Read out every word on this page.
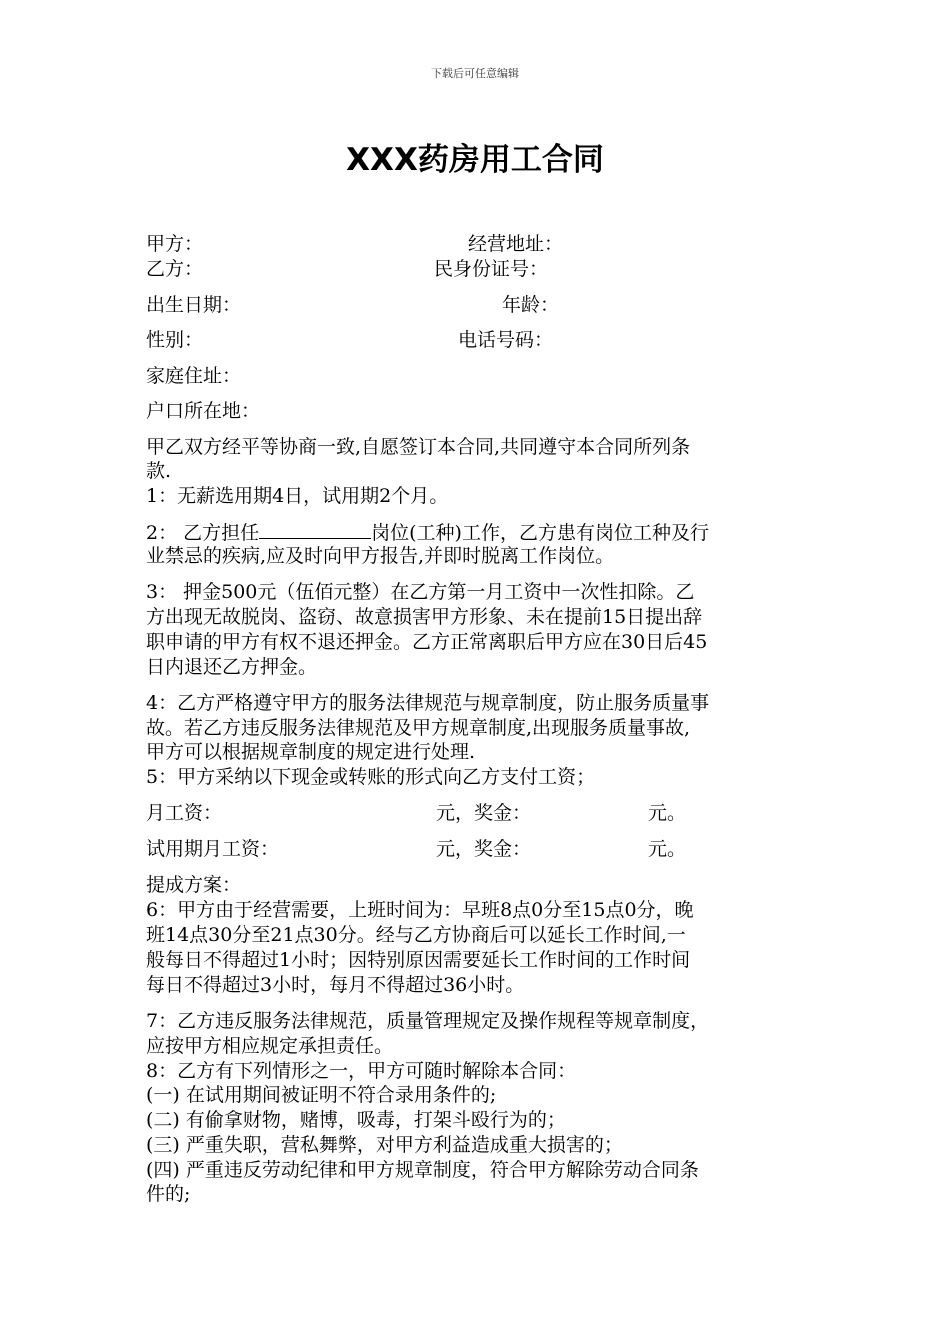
下载后可任意编辑
XXX药房用工合同
甲方：	经营地址：
乙方：	民身份证号：
出生日期：	年龄：
性别：	电话号码：
家庭住址：
户口所在地：
甲乙双方经平等协商一致,自愿签订本合同,共同遵守本合同所列条
款.
1：无薪选用期4日，试用期2个月。
2： 乙方担任	岗位(工种)工作，乙方患有岗位工种及行
业禁忌的疾病,应及时向甲方报告,并即时脱离工作岗位。
3： 押金500元（伍佰元整）在乙方第一月工资中一次性扣除。乙
方出现无故脱岗、盗窃、故意损害甲方形象、未在提前15日提出辞
职申请的甲方有权不退还押金。乙方正常离职后甲方应在30日后45
日内退还乙方押金。
4：乙方严格遵守甲方的服务法律规范与规章制度，防止服务质量事
故。若乙方违反服务法律规范及甲方规章制度,出现服务质量事故,
甲方可以根据规章制度的规定进行处理.
5：甲方采纳以下现金或转账的形式向乙方支付工资；
月工资：	元，奖金：	元。
试用期月工资：	元，奖金：	元。
提成方案：
6：甲方由于经营需要，上班时间为：早班8点0分至15点0分，晚
班14点30分至21点30分。经与乙方协商后可以延长工作时间,一
般每日不得超过1小时；因特别原因需要延长工作时间的工作时间
每日不得超过3小时，每月不得超过36小时。
7：乙方违反服务法律规范，质量管理规定及操作规程等规章制度，
应按甲方相应规定承担责任。
8：乙方有下列情形之一，甲方可随时解除本合同：
(一) 在试用期间被证明不符合录用条件的;
(二) 有偷拿财物，赌博，吸毒，打架斗殴行为的；
(三) 严重失职，营私舞弊，对甲方利益造成重大损害的；
(四) 严重违反劳动纪律和甲方规章制度，符合甲方解除劳动合同条
件的;
